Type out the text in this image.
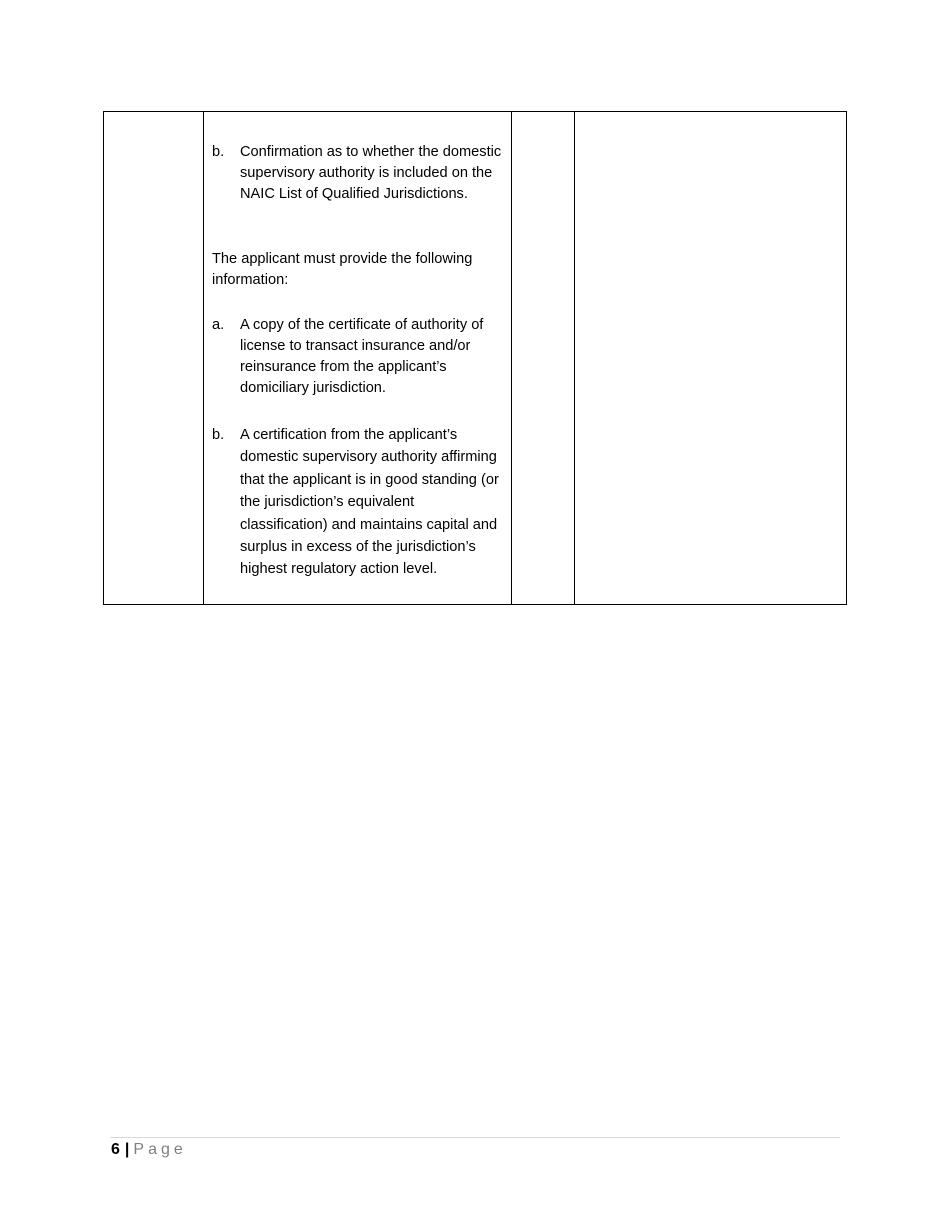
b.	Confirmation as to whether the domestic supervisory authority is included on the NAIC List of Qualified Jurisdictions.
The applicant must provide the following information:
a.	A copy of the certificate of authority of license to transact insurance and/or reinsurance from the applicant’s domiciliary jurisdiction.
b.	A certification from the applicant’s domestic supervisory authority affirming that the applicant is in good standing (or the jurisdiction’s equivalent classification) and maintains capital and surplus in excess of the jurisdiction’s highest regulatory action level.

6 | Page
